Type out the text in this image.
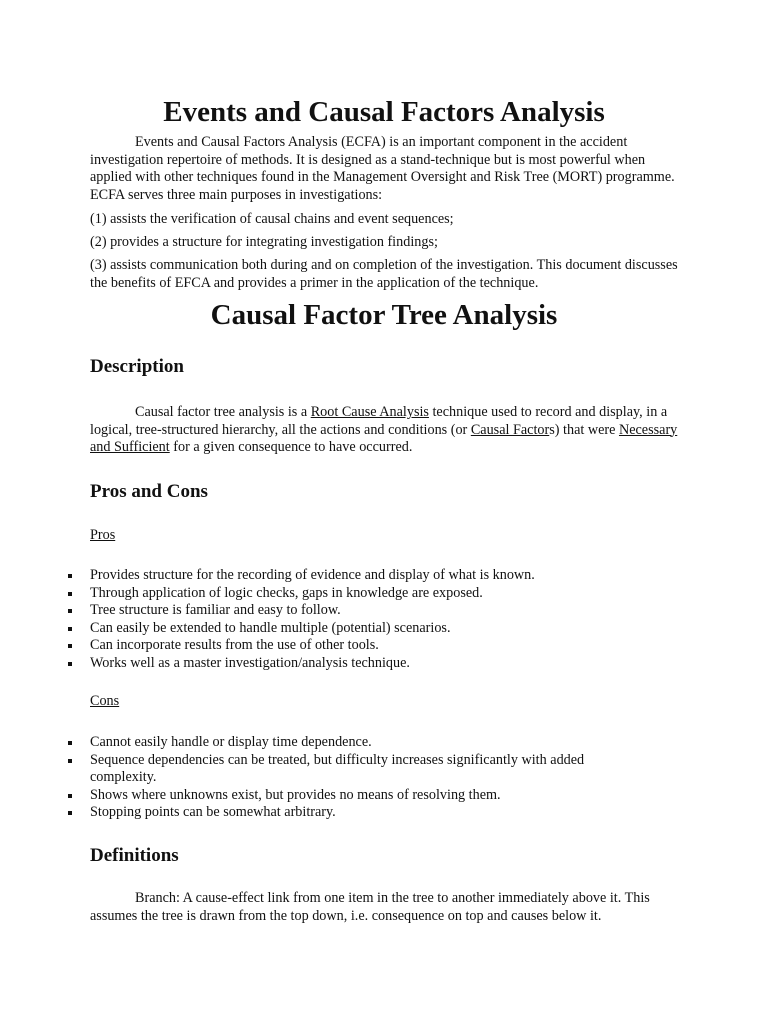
Events and Causal Factors Analysis

Events and Causal Factors Analysis (ECFA) is an important component in the accident investigation repertoire of methods. It is designed as a stand-technique but is most powerful when applied with other techniques found in the Management Oversight and Risk Tree (MORT) programme. ECFA serves three main purposes in investigations:

(1) assists the verification of causal chains and event sequences;

(2) provides a structure for integrating investigation findings;

(3) assists communication both during and on completion of the investigation. This document discusses the benefits of EFCA and provides a primer in the application of the technique.

Causal Factor Tree Analysis
Description

Causal factor tree analysis is a Root Cause Analysis technique used to record and display, in a logical, tree-structured hierarchy, all the actions and conditions (or Causal Factors) that were Necessary and Sufficient for a given consequence to have occurred.

Pros and Cons

Pros

Provides structure for the recording of evidence and display of what is known.
Through application of logic checks, gaps in knowledge are exposed.
Tree structure is familiar and easy to follow.
Can easily be extended to handle multiple (potential) scenarios.
Can incorporate results from the use of other tools.
Works well as a master investigation/analysis technique.

Cons

Cannot easily handle or display time dependence.
Sequence dependencies can be treated, but difficulty increases significantly with added complexity.
Shows where unknowns exist, but provides no means of resolving them.
Stopping points can be somewhat arbitrary.
Definitions

Branch: A cause-effect link from one item in the tree to another immediately above it. This assumes the tree is drawn from the top down, i.e. consequence on top and causes below it.
